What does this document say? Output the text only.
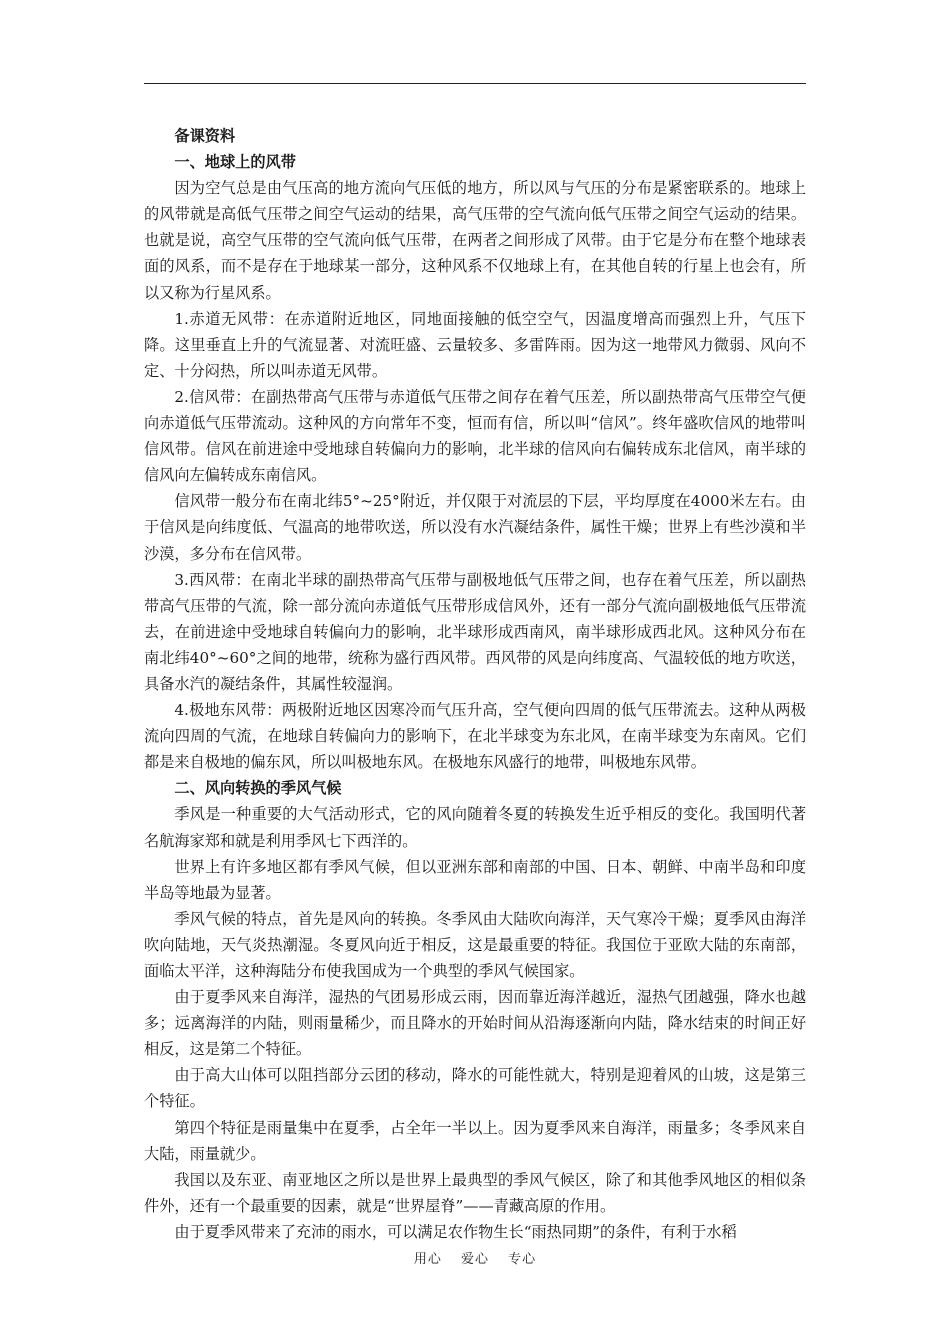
备课资料
一、地球上的风带

因为空气总是由气压高的地方流向气压低的地方，所以风与气压的分布是紧密联系的。地球上的风带就是高低气压带之间空气运动的结果，高气压带的空气流向低气压带之间空气运动的结果。也就是说，高空气压带的空气流向低气压带，在两者之间形成了风带。由于它是分布在整个地球表面的风系，而不是存在于地球某一部分，这种风系不仅地球上有，在其他自转的行星上也会有，所以又称为行星风系。

1.赤道无风带：在赤道附近地区，同地面接触的低空空气，因温度增高而强烈上升，气压下降。这里垂直上升的气流显著、对流旺盛、云量较多、多雷阵雨。因为这一地带风力微弱、风向不定、十分闷热，所以叫赤道无风带。

2.信风带：在副热带高气压带与赤道低气压带之间存在着气压差，所以副热带高气压带空气便向赤道低气压带流动。这种风的方向常年不变，恒而有信，所以叫“信风”。终年盛吹信风的地带叫信风带。信风在前进途中受地球自转偏向力的影响，北半球的信风向右偏转成东北信风，南半球的信风向左偏转成东南信风。

信风带一般分布在南北纬5°~25°附近，并仅限于对流层的下层，平均厚度在4000米左右。由于信风是向纬度低、气温高的地带吹送，所以没有水汽凝结条件，属性干燥；世界上有些沙漠和半沙漠，多分布在信风带。

3.西风带：在南北半球的副热带高气压带与副极地低气压带之间，也存在着气压差，所以副热带高气压带的气流，除一部分流向赤道低气压带形成信风外，还有一部分气流向副极地低气压带流去，在前进途中受地球自转偏向力的影响，北半球形成西南风，南半球形成西北风。这种风分布在南北纬40°~60°之间的地带，统称为盛行西风带。西风带的风是向纬度高、气温较低的地方吹送，具备水汽的凝结条件，其属性较湿润。

4.极地东风带：两极附近地区因寒冷而气压升高，空气便向四周的低气压带流去。这种从两极流向四周的气流，在地球自转偏向力的影响下，在北半球变为东北风，在南半球变为东南风。它们都是来自极地的偏东风，所以叫极地东风。在极地东风盛行的地带，叫极地东风带。

二、风向转换的季风气候

季风是一种重要的大气活动形式，它的风向随着冬夏的转换发生近乎相反的变化。我国明代著名航海家郑和就是利用季风七下西洋的。

世界上有许多地区都有季风气候，但以亚洲东部和南部的中国、日本、朝鲜、中南半岛和印度半岛等地最为显著。

季风气候的特点，首先是风向的转换。冬季风由大陆吹向海洋，天气寒冷干燥；夏季风由海洋吹向陆地，天气炎热潮湿。冬夏风向近于相反，这是最重要的特征。我国位于亚欧大陆的东南部，面临太平洋，这种海陆分布使我国成为一个典型的季风气候国家。

由于夏季风来自海洋，湿热的气团易形成云雨，因而靠近海洋越近，湿热气团越强，降水也越多；远离海洋的内陆，则雨量稀少，而且降水的开始时间从沿海逐渐向内陆，降水结束的时间正好相反，这是第二个特征。

由于高大山体可以阻挡部分云团的移动，降水的可能性就大，特别是迎着风的山坡，这是第三个特征。

第四个特征是雨量集中在夏季，占全年一半以上。因为夏季风来自海洋，雨量多；冬季风来自大陆，雨量就少。

我国以及东亚、南亚地区之所以是世界上最典型的季风气候区，除了和其他季风地区的相似条件外，还有一个最重要的因素，就是“世界屋脊”——青藏高原的作用。

由于夏季风带来了充沛的雨水，可以满足农作物生长“雨热同期”的条件，有利于水稻

用心 爱心 专心
